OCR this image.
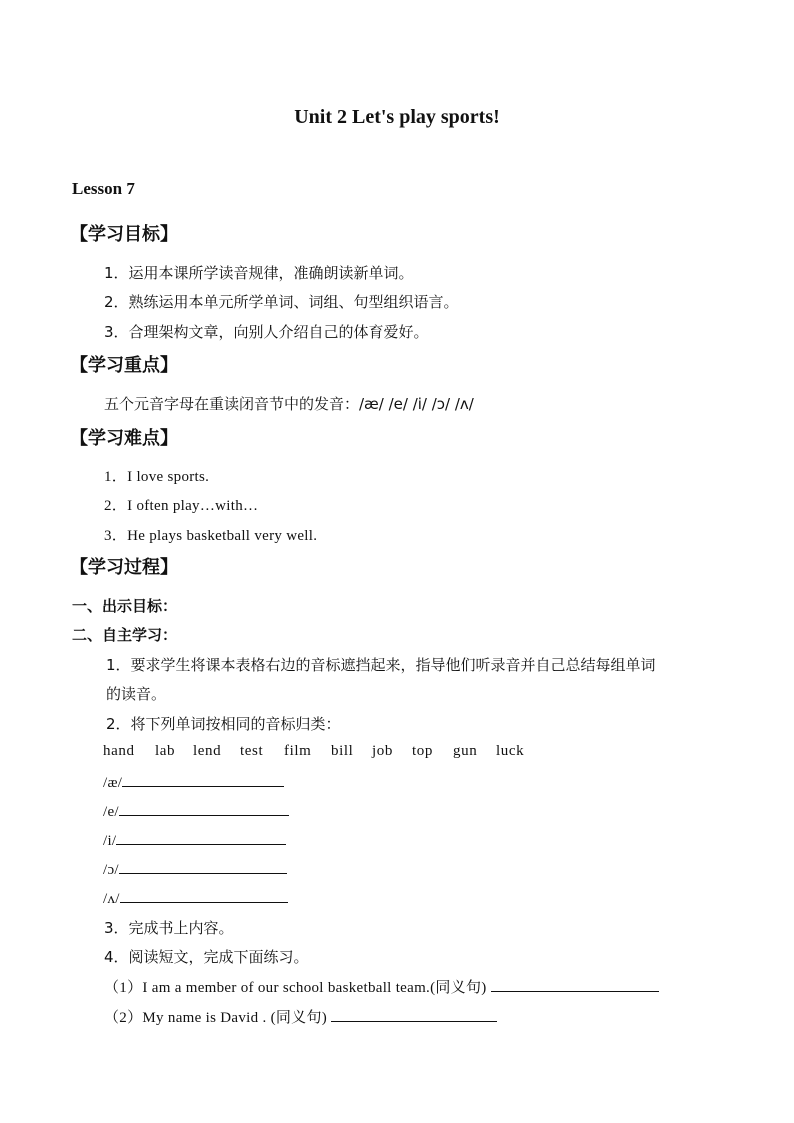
Unit 2 Let's play sports!
Lesson 7
【学习目标】
1．运用本课所学读音规律，准确朗读新单词。
2．熟练运用本单元所学单词、词组、句型组织语言。
3．合理架构文章，向别人介绍自己的体育爱好。
【学习重点】
五个元音字母在重读闭音节中的发音：/æ/ /e/ /i/ /ɔ/ /ʌ/
【学习难点】
1．I love sports.
2．I often play…with…
3．He plays basketball very well.
【学习过程】
一、出示目标：
二、自主学习：
1．要求学生将课本表格右边的音标遮挡起来，指导他们听录音并自己总结每组单词
的读音。
2．将下列单词按相同的音标归类：
hand lab lend test film bill job top gun luck
/æ/
/e/
/i/
/ɔ/
/ʌ/
3．完成书上内容。
4．阅读短文，完成下面练习。
（1）I am a member of our school basketball team.(同义句)
（2）My name is David . (同义句)
